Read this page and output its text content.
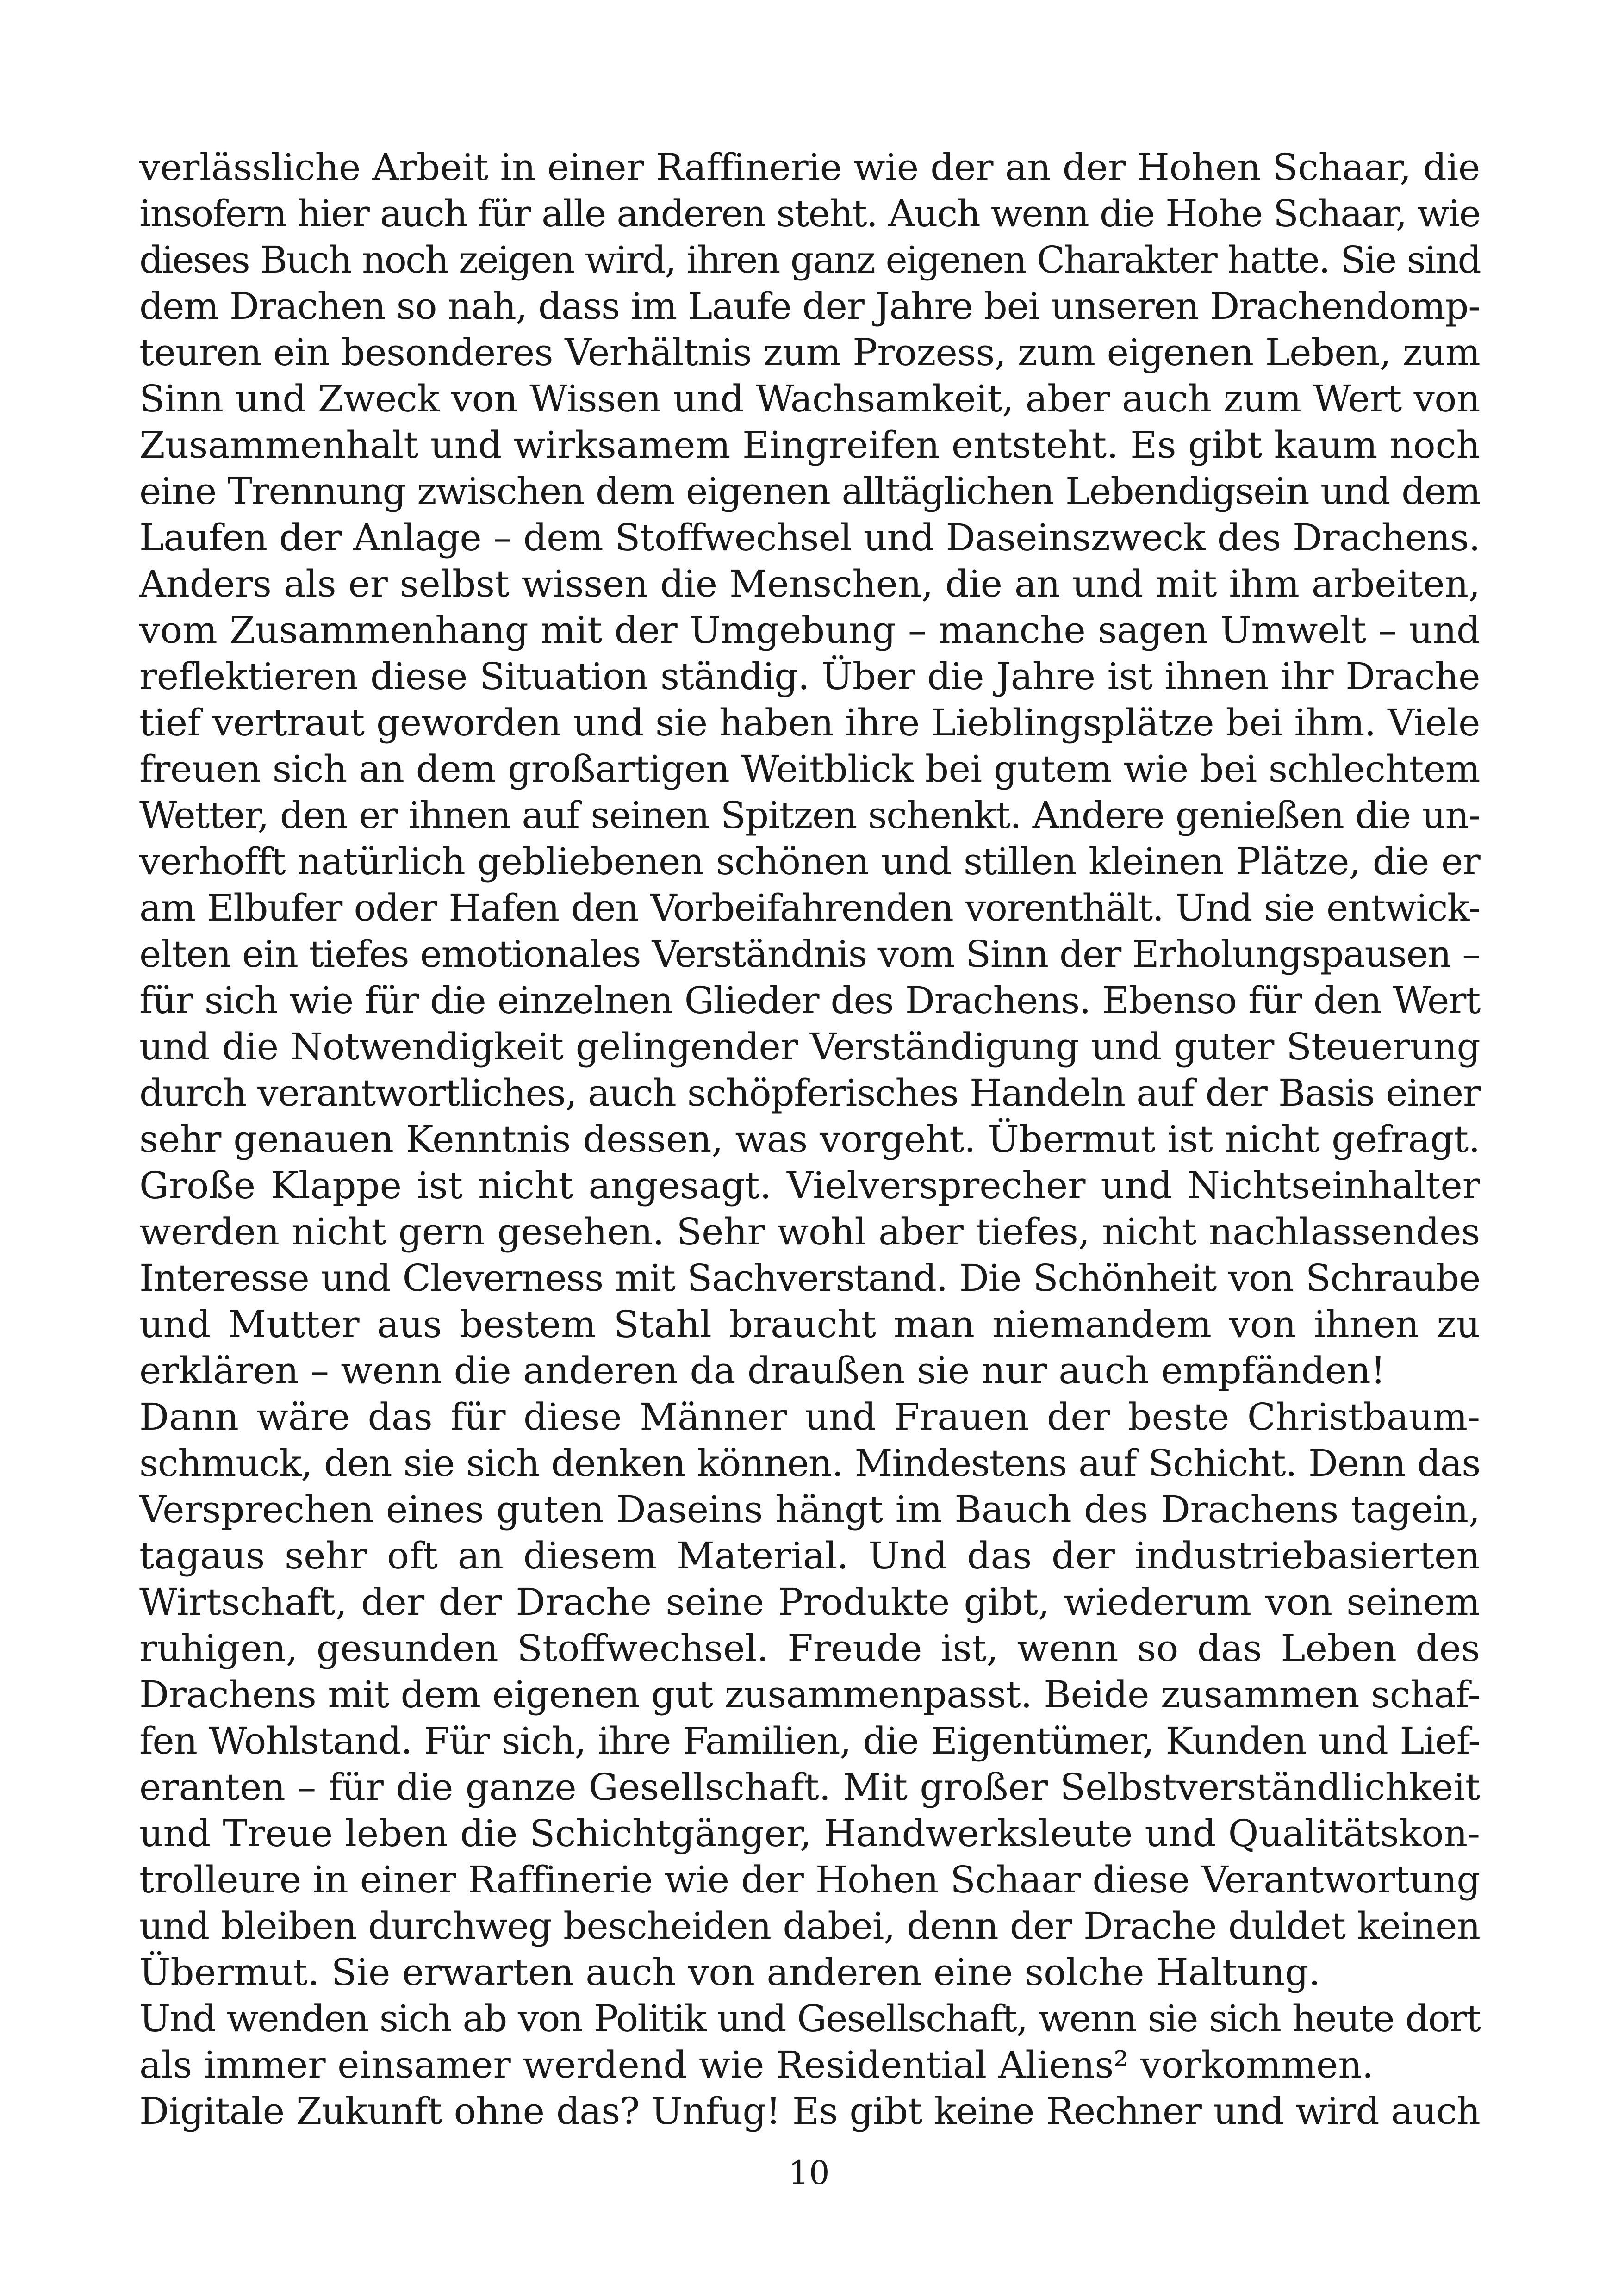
verlässliche Arbeit in einer Raffinerie wie der an der Hohen Schaar, die
insofern hier auch für alle anderen steht. Auch wenn die Hohe Schaar, wie
dieses Buch noch zeigen wird, ihren ganz eigenen Charakter hatte. Sie sind
dem Drachen so nah, dass im Laufe der Jahre bei unseren Drachendomp-
teuren ein besonderes Verhältnis zum Prozess, zum eigenen Leben, zum
Sinn und Zweck von Wissen und Wachsamkeit, aber auch zum Wert von
Zusammenhalt und wirksamem Eingreifen entsteht. Es gibt kaum noch
eine Trennung zwischen dem eigenen alltäglichen Lebendigsein und dem
Laufen der Anlage – dem Stoffwechsel und Daseinszweck des Drachens.
Anders als er selbst wissen die Menschen, die an und mit ihm arbeiten,
vom Zusammenhang mit der Umgebung – manche sagen Umwelt – und
reflektieren diese Situation ständig. Über die Jahre ist ihnen ihr Drache
tief vertraut geworden und sie haben ihre Lieblingsplätze bei ihm. Viele
freuen sich an dem großartigen Weitblick bei gutem wie bei schlechtem
Wetter, den er ihnen auf seinen Spitzen schenkt. Andere genießen die un-
verhofft natürlich gebliebenen schönen und stillen kleinen Plätze, die er
am Elbufer oder Hafen den Vorbeifahrenden vorenthält. Und sie entwick-
elten ein tiefes emotionales Verständnis vom Sinn der Erholungspausen –
für sich wie für die einzelnen Glieder des Drachens. Ebenso für den Wert
und die Notwendigkeit gelingender Verständigung und guter Steuerung
durch verantwortliches, auch schöpferisches Handeln auf der Basis einer
sehr genauen Kenntnis dessen, was vorgeht. Übermut ist nicht gefragt.
Große Klappe ist nicht angesagt. Vielversprecher und Nichtseinhalter
werden nicht gern gesehen. Sehr wohl aber tiefes, nicht nachlassendes
Interesse und Cleverness mit Sachverstand. Die Schönheit von Schraube
und Mutter aus bestem Stahl braucht man niemandem von ihnen zu
erklären – wenn die anderen da draußen sie nur auch empfänden!
Dann wäre das für diese Männer und Frauen der beste Christbaum-
schmuck, den sie sich denken können. Mindestens auf Schicht. Denn das
Versprechen eines guten Daseins hängt im Bauch des Drachens tagein,
tagaus sehr oft an diesem Material. Und das der industriebasierten
Wirtschaft, der der Drache seine Produkte gibt, wiederum von seinem
ruhigen, gesunden Stoffwechsel. Freude ist, wenn so das Leben des
Drachens mit dem eigenen gut zusammenpasst. Beide zusammen schaf-
fen Wohlstand. Für sich, ihre Familien, die Eigentümer, Kunden und Lief-
eranten – für die ganze Gesellschaft. Mit großer Selbstverständlichkeit
und Treue leben die Schichtgänger, Handwerksleute und Qualitätskon-
trolleure in einer Raffinerie wie der Hohen Schaar diese Verantwortung
und bleiben durchweg bescheiden dabei, denn der Drache duldet keinen
Übermut. Sie erwarten auch von anderen eine solche Haltung.
Und wenden sich ab von Politik und Gesellschaft, wenn sie sich heute dort
als immer einsamer werdend wie Residential Aliens² vorkommen.
Digitale Zukunft ohne das? Unfug! Es gibt keine Rechner und wird auch
10
